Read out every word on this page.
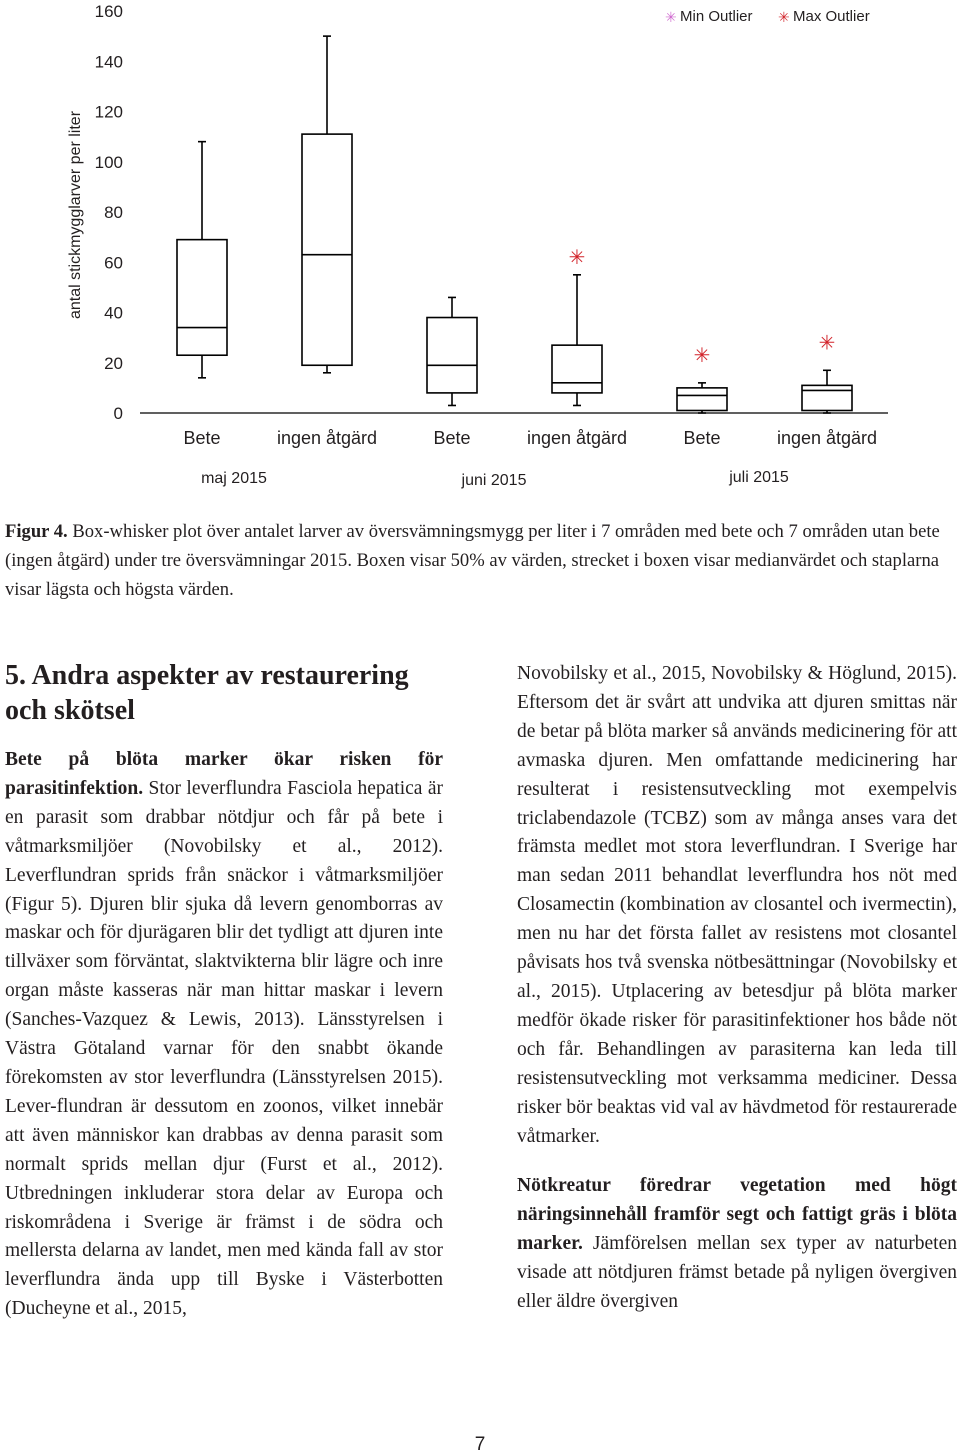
0
20
40
60
80
100
120
140
160
✳
✳
✳
✳ Min Outlier ✳ Max Outlier
Bete	ingen åtgärd	Bete	ingen åtgärd	Bete	ingen åtgärd
maj 2015	juni 2015	juli 2015
antal stickmygglarver per liter

Figur 4. Box-whisker plot över antalet larver av översvämningsmygg per liter i 7 områden med bete och 7 områden utan bete (ingen åtgärd) under tre översvämningar 2015. Boxen visar 50% av värden, strecket i boxen visar medianvärdet och staplarna visar lägsta och högsta värden.

5. Andra aspekter av restaurering och skötsel

Bete på blöta marker ökar risken för parasitinfektion. Stor leverflundra Fasciola hepatica är en parasit som drabbar nötdjur och får på bete i våtmarksmiljöer (Novobilsky et al., 2012). Leverflundran sprids från snäckor i våtmarksmiljöer (Figur 5). Djuren blir sjuka då levern genomborras av maskar och för djurägaren blir det tydligt att djuren inte tillväxer som förväntat, slaktvikterna blir lägre och inre organ måste kasseras när man hittar maskar i levern (Sanches-Vazquez & Lewis, 2013). Länsstyrelsen i Västra Götaland varnar för den snabbt ökande förekomsten av stor leverflundra (Länsstyrelsen 2015). Lever-flundran är dessutom en zoonos, vilket innebär att även människor kan drabbas av denna parasit som normalt sprids mellan djur (Furst et al., 2012). Utbredningen inkluderar stora delar av Europa och riskområdena i Sverige är främst i de södra och mellersta delarna av landet, men med kända fall av stor leverflundra ända upp till Byske i Västerbotten (Ducheyne et al., 2015,

Novobilsky et al., 2015, Novobilsky & Höglund, 2015). Eftersom det är svårt att undvika att djuren smittas när de betar på blöta marker så används medicinering för att avmaska djuren. Men omfattande medicinering har resulterat i resistensutveckling mot exempelvis triclabendazole (TCBZ) som av många anses vara det främsta medlet mot stora leverflundran. I Sverige har man sedan 2011 behandlat leverflundra hos nöt med Closamectin (kombination av closantel och ivermectin), men nu har det första fallet av resistens mot closantel påvisats hos två svenska nötbesättningar (Novobilsky et al., 2015). Utplacering av betesdjur på blöta marker medför ökade risker för parasitinfektioner hos både nöt och får. Behandlingen av parasiterna kan leda till resistensutveckling mot verksamma mediciner. Dessa risker bör beaktas vid val av hävdmetod för restaurerade våtmarker.

Nötkreatur föredrar vegetation med högt näringsinnehåll framför segt och fattigt gräs i blöta marker. Jämförelsen mellan sex typer av naturbeten visade att nötdjuren främst betade på nyligen övergiven eller äldre övergiven

7
